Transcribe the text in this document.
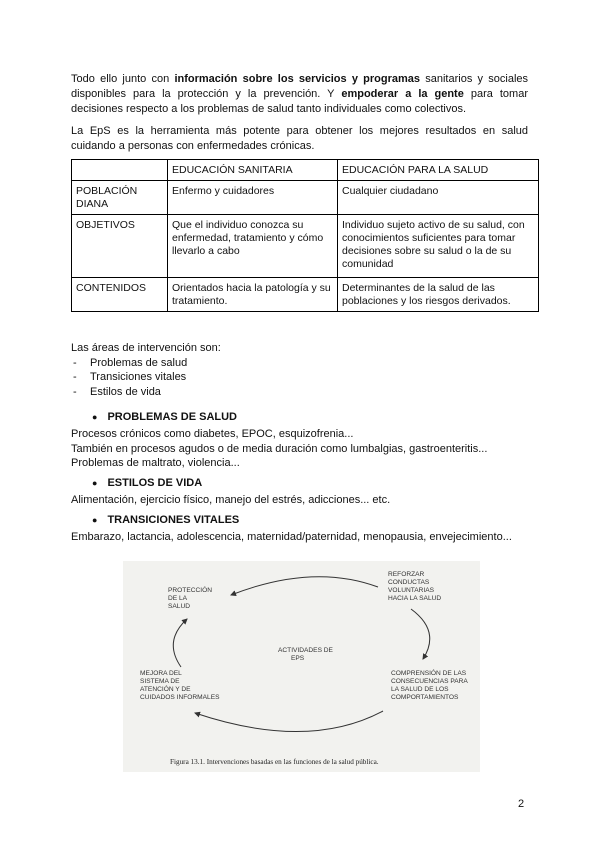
Todo ello junto con información sobre los servicios y programas sanitarios y sociales disponibles para la protección y la prevención. Y empoderar a la gente para tomar decisiones respecto a los problemas de salud tanto individuales como colectivos.
La EpS es la herramienta más potente para obtener los mejores resultados en salud cuidando a personas con enfermedades crónicas.
	EDUCACIÓN SANITARIA	EDUCACIÓN PARA LA SALUD
POBLACIÓN DIANA	Enfermo y cuidadores	Cualquier ciudadano
OBJETIVOS	Que el individuo conozca su enfermedad, tratamiento y cómo llevarlo a cabo	Individuo sujeto activo de su salud, con conocimientos suficientes para tomar decisiones sobre su salud o la de su comunidad
CONTENIDOS	Orientados hacia la patología y su tratamiento.	Determinantes de la salud de las poblaciones y los riesgos derivados.
Las áreas de intervención son:
- Problemas de salud
- Transiciones vitales
- Estilos de vida
● PROBLEMAS DE SALUD
Procesos crónicos como diabetes, EPOC, esquizofrenia...
También en procesos agudos o de media duración como lumbalgias, gastroenteritis...
Problemas de maltrato, violencia...
● ESTILOS DE VIDA
Alimentación, ejercicio físico, manejo del estrés, adicciones... etc.
● TRANSICIONES VITALES
Embarazo, lactancia, adolescencia, maternidad/paternidad, menopausia, envejecimiento...
PROTECCIÓN DE LA SALUD
REFORZAR CONDUCTAS VOLUNTARIAS HACIA LA SALUD
ACTIVIDADES DE EPS
MEJORA DEL SISTEMA DE ATENCIÓN Y DE CUIDADOS INFORMALES
COMPRENSIÓN DE LAS CONSECUENCIAS PARA LA SALUD DE LOS COMPORTAMIENTOS
Figura 13.1. Intervenciones basadas en las funciones de la salud pública.
2
